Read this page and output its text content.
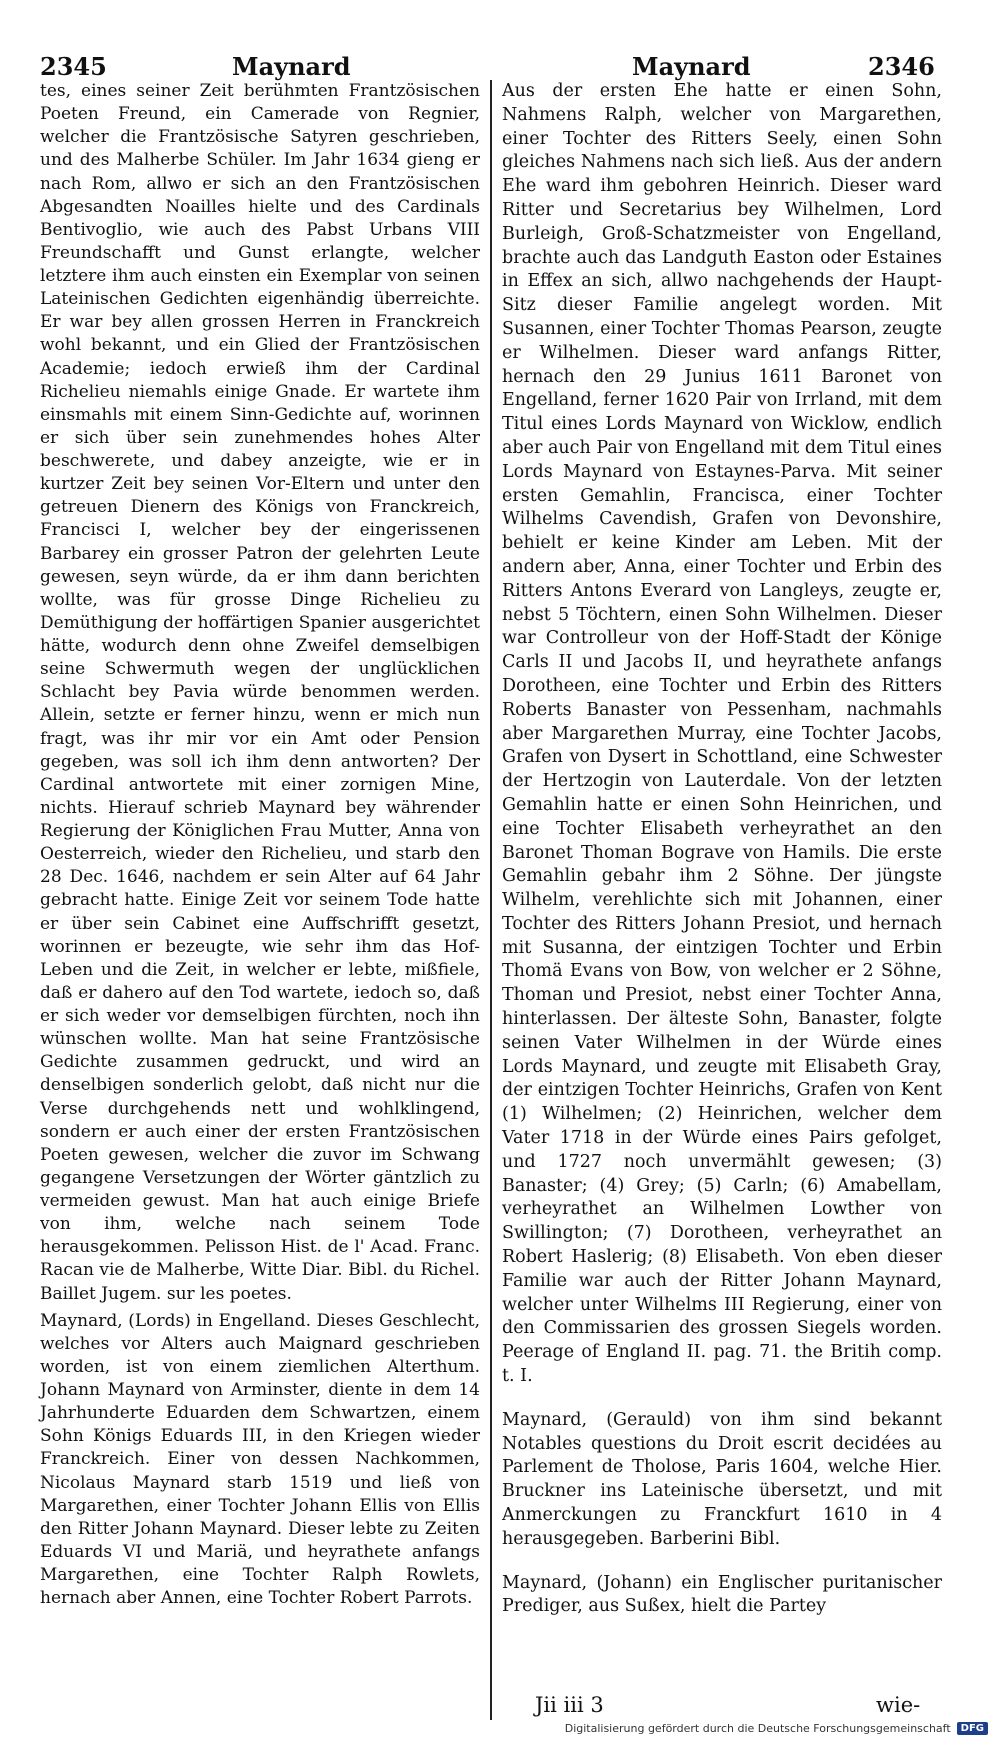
2345	Maynard	Maynard	2346

tes, eines seiner Zeit berühmten Frantzösischen Poeten Freund, ein Camerade von Regnier, welcher die Frantzösische Satyren geschrieben, und des Malherbe Schüler. Im Jahr 1634 gieng er nach Rom, allwo er sich an den Frantzösischen Abgesandten Noailles hielte und des Cardinals Bentivoglio, wie auch des Pabst Urbans VIII Freundschafft und Gunst erlangte, welcher letztere ihm auch einsten ein Exemplar von seinen Lateinischen Gedichten eigenhändig überreichte. Er war bey allen grossen Herren in Franckreich wohl bekannt, und ein Glied der Frantzösischen Academie; iedoch erwieß ihm der Cardinal Richelieu niemahls einige Gnade. Er wartete ihm einsmahls mit einem Sinn-Gedichte auf, worinnen er sich über sein zunehmendes hohes Alter beschwerete, und dabey anzeigte, wie er in kurtzer Zeit bey seinen Vor-Eltern und unter den getreuen Dienern des Königs von Franckreich, Francisci I, welcher bey der eingerissenen Barbarey ein grosser Patron der gelehrten Leute gewesen, seyn würde, da er ihm dann berichten wollte, was für grosse Dinge Richelieu zu Demüthigung der hoffärtigen Spanier ausgerichtet hätte, wodurch denn ohne Zweifel demselbigen seine Schwermuth wegen der unglücklichen Schlacht bey Pavia würde benommen werden. Allein, setzte er ferner hinzu, wenn er mich nun fragt, was ihr mir vor ein Amt oder Pension gegeben, was soll ich ihm denn antworten? Der Cardinal antwortete mit einer zornigen Mine, nichts. Hierauf schrieb Maynard bey währender Regierung der Königlichen Frau Mutter, Anna von Oesterreich, wieder den Richelieu, und starb den 28 Dec. 1646, nachdem er sein Alter auf 64 Jahr gebracht hatte. Einige Zeit vor seinem Tode hatte er über sein Cabinet eine Auffschrifft gesetzt, worinnen er bezeugte, wie sehr ihm das Hof-Leben und die Zeit, in welcher er lebte, mißfiele, daß er dahero auf den Tod wartete, iedoch so, daß er sich weder vor demselbigen fürchten, noch ihn wünschen wollte. Man hat seine Frantzösische Gedichte zusammen gedruckt, und wird an denselbigen sonderlich gelobt, daß nicht nur die Verse durchgehends nett und wohlklingend, sondern er auch einer der ersten Frantzösischen Poeten gewesen, welcher die zuvor im Schwang gegangene Versetzungen der Wörter gäntzlich zu vermeiden gewust. Man hat auch einige Briefe von ihm, welche nach seinem Tode herausgekommen. Pelisson Hist. de l' Acad. Franc. Racan vie de Malherbe, Witte Diar. Bibl. du Richel. Baillet Jugem. sur les poetes.

Maynard, (Lords) in Engelland. Dieses Geschlecht, welches vor Alters auch Maignard geschrieben worden, ist von einem ziemlichen Alterthum. Johann Maynard von Arminster, diente in dem 14 Jahrhunderte Eduarden dem Schwartzen, einem Sohn Königs Eduards III, in den Kriegen wieder Franckreich. Einer von dessen Nachkommen, Nicolaus Maynard starb 1519 und ließ von Margarethen, einer Tochter Johann Ellis von Ellis den Ritter Johann Maynard. Dieser lebte zu Zeiten Eduards VI und Mariä, und heyrathete anfangs Margarethen, eine Tochter Ralph Rowlets, hernach aber Annen, eine Tochter Robert Parrots.

Aus der ersten Ehe hatte er einen Sohn, Nahmens Ralph, welcher von Margarethen, einer Tochter des Ritters Seely, einen Sohn gleiches Nahmens nach sich ließ. Aus der andern Ehe ward ihm gebohren Heinrich. Dieser ward Ritter und Secretarius bey Wilhelmen, Lord Burleigh, Groß-Schatzmeister von Engelland, brachte auch das Landguth Easton oder Estaines in Effex an sich, allwo nachgehends der Haupt-Sitz dieser Familie angelegt worden. Mit Susannen, einer Tochter Thomas Pearson, zeugte er Wilhelmen. Dieser ward anfangs Ritter, hernach den 29 Junius 1611 Baronet von Engelland, ferner 1620 Pair von Irrland, mit dem Titul eines Lords Maynard von Wicklow, endlich aber auch Pair von Engelland mit dem Titul eines Lords Maynard von Estaynes-Parva. Mit seiner ersten Gemahlin, Francisca, einer Tochter Wilhelms Cavendish, Grafen von Devonshire, behielt er keine Kinder am Leben. Mit der andern aber, Anna, einer Tochter und Erbin des Ritters Antons Everard von Langleys, zeugte er, nebst 5 Töchtern, einen Sohn Wilhelmen. Dieser war Controlleur von der Hoff-Stadt der Könige Carls II und Jacobs II, und heyrathete anfangs Dorotheen, eine Tochter und Erbin des Ritters Roberts Banaster von Pessenham, nachmahls aber Margarethen Murray, eine Tochter Jacobs, Grafen von Dysert in Schottland, eine Schwester der Hertzogin von Lauterdale. Von der letzten Gemahlin hatte er einen Sohn Heinrichen, und eine Tochter Elisabeth verheyrathet an den Baronet Thoman Bograve von Hamils. Die erste Gemahlin gebahr ihm 2 Söhne. Der jüngste Wilhelm, verehlichte sich mit Johannen, einer Tochter des Ritters Johann Presiot, und hernach mit Susanna, der eintzigen Tochter und Erbin Thomä Evans von Bow, von welcher er 2 Söhne, Thoman und Presiot, nebst einer Tochter Anna, hinterlassen. Der älteste Sohn, Banaster, folgte seinen Vater Wilhelmen in der Würde eines Lords Maynard, und zeugte mit Elisabeth Gray, der eintzigen Tochter Heinrichs, Grafen von Kent (1) Wilhelmen; (2) Heinrichen, welcher dem Vater 1718 in der Würde eines Pairs gefolget, und 1727 noch unvermählt gewesen; (3) Banaster; (4) Grey; (5) Carln; (6) Amabellam, verheyrathet an Wilhelmen Lowther von Swillington; (7) Dorotheen, verheyrathet an Robert Haslerig; (8) Elisabeth. Von eben dieser Familie war auch der Ritter Johann Maynard, welcher unter Wilhelms III Regierung, einer von den Commissarien des grossen Siegels worden. Peerage of England II. pag. 71. the Britih comp. t. I.

Maynard, (Gerauld) von ihm sind bekannt Notables questions du Droit escrit decidées au Parlement de Tholose, Paris 1604, welche Hier. Bruckner ins Lateinische übersetzt, und mit Anmerckungen zu Franckfurt 1610 in 4 herausgegeben. Barberini Bibl.

Maynard, (Johann) ein Englischer puritanischer Prediger, aus Sußex, hielt die Partey

Jii iii 3	wie-
Digitalisierung gefördert durch die Deutsche Forschungsgemeinschaft	DFG
